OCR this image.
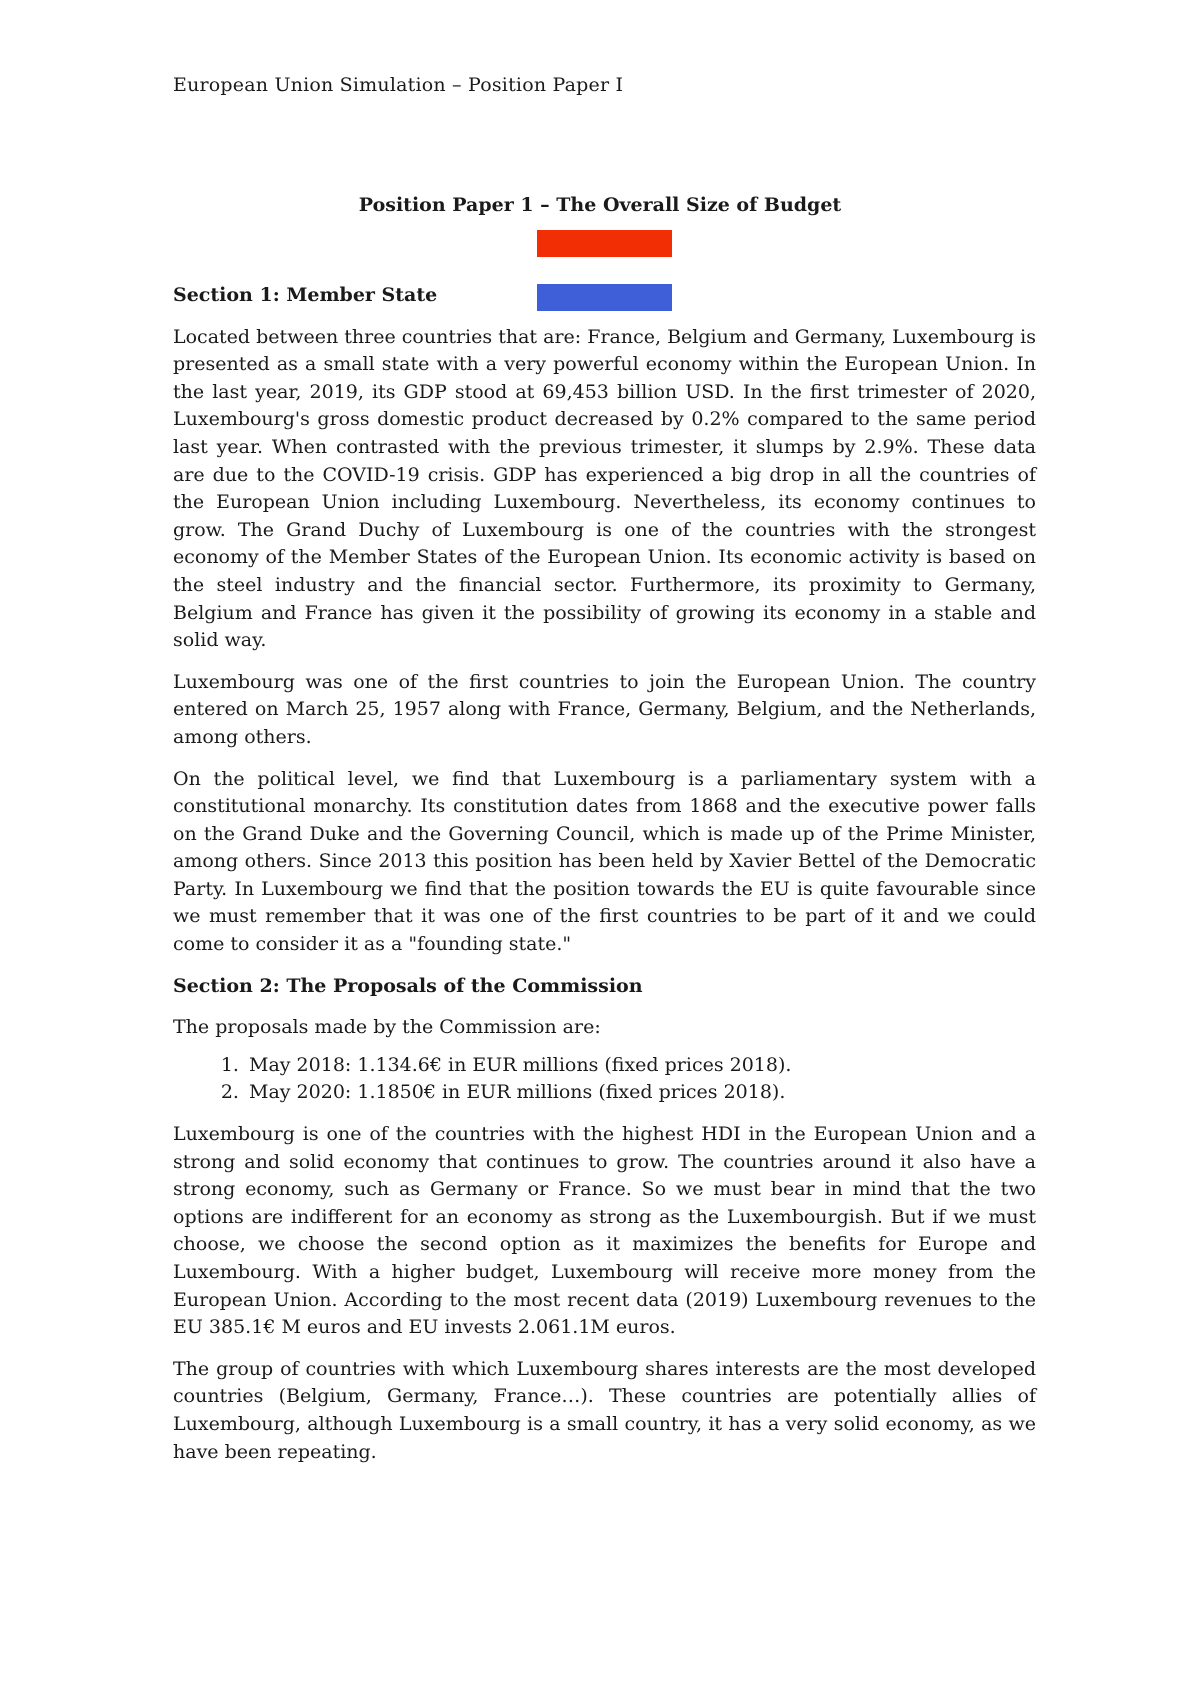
European Union Simulation – Position Paper I
Position Paper 1 – The Overall Size of Budget
Section 1: Member State

Located between three countries that are: France, Belgium and Germany, Luxembourg is presented as a small state with a very powerful economy within the European Union. In the last year, 2019, its GDP stood at 69,453 billion USD. In the first trimester of 2020, Luxembourg's gross domestic product decreased by 0.2% compared to the same period last year. When contrasted with the previous trimester, it slumps by 2.9%. These data are due to the COVID-19 crisis. GDP has experienced a big drop in all the countries of the European Union including Luxembourg. Nevertheless, its economy continues to grow. The Grand Duchy of Luxembourg is one of the countries with the strongest economy of the Member States of the European Union. Its economic activity is based on the steel industry and the financial sector. Furthermore, its proximity to Germany, Belgium and France has given it the possibility of growing its economy in a stable and solid way.

Luxembourg was one of the first countries to join the European Union. The country entered on March 25, 1957 along with France, Germany, Belgium, and the Netherlands, among others.

On the political level, we find that Luxembourg is a parliamentary system with a constitutional monarchy. Its constitution dates from 1868 and the executive power falls on the Grand Duke and the Governing Council, which is made up of the Prime Minister, among others. Since 2013 this position has been held by Xavier Bettel of the Democratic Party. In Luxembourg we find that the position towards the EU is quite favourable since we must remember that it was one of the first countries to be part of it and we could come to consider it as a "founding state."

Section 2: The Proposals of the Commission

The proposals made by the Commission are:

1. May 2018: 1.134.6€ in EUR millions (fixed prices 2018).
2. May 2020: 1.1850€ in EUR millions (fixed prices 2018).

Luxembourg is one of the countries with the highest HDI in the European Union and a strong and solid economy that continues to grow. The countries around it also have a strong economy, such as Germany or France. So we must bear in mind that the two options are indifferent for an economy as strong as the Luxembourgish. But if we must choose, we choose the second option as it maximizes the benefits for Europe and Luxembourg. With a higher budget, Luxembourg will receive more money from the European Union. According to the most recent data (2019) Luxembourg revenues to the EU 385.1€ M euros and EU invests 2.061.1M euros.

The group of countries with which Luxembourg shares interests are the most developed countries (Belgium, Germany, France…). These countries are potentially allies of Luxembourg, although Luxembourg is a small country, it has a very solid economy, as we have been repeating.
